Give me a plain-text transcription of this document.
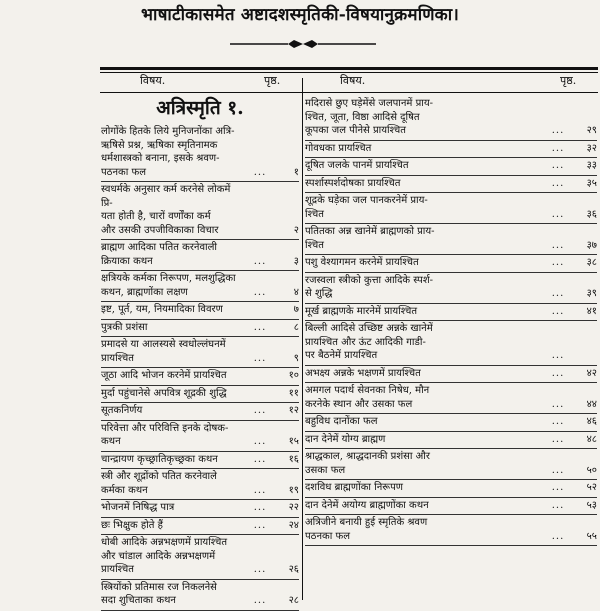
भाषाटीकासमेत अष्टादशस्मृतिकी-विषयानुक्रमणिका।
विषय.	पृष्ठ.	विषय.	पृष्ठ.
अत्रिस्मृति १.
लोगोंके हितके लिये मुनिजनोंका अत्रि-
ऋषिसे प्रश्न, ऋषिका स्मृतिनामक
धर्मशास्त्रको बनाना, इसके श्रवण-
पठनका फल	...	१
स्वधर्मके अनुसार कर्म करनेसे लोकमें प्रि-
यता होती है, चारों वर्णोंका कर्म
और उसकी उपजीविकाका विचार	२
ब्राह्मण आदिका पतित करनेवाली
क्रियाका कथन	...	३
क्षत्रियके कर्मका निरूपण, मलशुद्धिका
कथन, ब्राह्मणोंका लक्षण	...	४
इष्ट, पूर्त, यम, नियमादिका विवरण	७
पुत्रकी प्रशंसा	...	८
प्रमादसे या आलस्यसे स्वधोल्लंघनमें
प्रायश्चित	...	९
जूठा आदि भोजन करनेमें प्रायश्चित	१०
मुर्दा पहुंचानेसे अपवित्र शूद्रकी शुद्धि	११
सूतकनिर्णय	...	१२
परिवेत्ता और परिवित्ति इनके दोषक-
कथन	...	१५
चान्द्रायण कृच्छ्रातिकृच्छ्रका कथन	...	१६
स्त्री और शूद्रोंको पतित करनेवाले
कर्मका कथन	...	१९
भोजनमें निषिद्ध पात्र	...	२२
छः भिक्षुक होते हैं	...	२४
धोबी आदिके अन्नभक्षणमें प्रायश्चित
और चांडाल आदिके अन्नभक्षणमें
प्रायश्चित	...	२६
स्त्रियोंको प्रतिमास रज निकलनेसे
सदा शुचिताका कथन	...	२८
मदिरासे छुए घड़ेमेंसे जलपानमें प्राय-
श्चित, जूता, विष्ठा आदिसे दूषित
कूपका जल पीनेसे प्रायश्चित	...	२९
गोवधका प्रायश्चित	...	३२
दूषित जलके पानमें प्रायश्चित	...	३३
स्पर्शास्पर्शदोषका प्रायश्चित	...	३५
शूद्रके घड़ेका जल पानकरनेमें प्राय-
श्चित	...	३६
पतितका अन्न खानेमें ब्राह्मणको प्राय-
श्चित	...	३७
पशु वेश्यागमन करनेमें प्रायश्चित	...	३८
रजस्वला स्त्रीको कुत्ता आदिके स्पर्श-
से शुद्धि	...	३९
मूर्ख ब्राह्मणके मारनेमें प्रायश्चित	...	४१
बिल्ली आदिसे उच्छिष्ट अन्नके खानेमें
प्रायश्चित और ऊंट आदिकी गाडी-
पर बैठनेमें प्रायश्चित	...
अभक्ष्य अन्नके भक्षणमें प्रायश्चित	...	४२
अमगल पदार्थ सेवनका निषेध, मौन
करनेके स्थान और उसका फल	...	४४
बहुविध दानोंका फल	...	४६
दान देनेमें योग्य ब्राह्मण	...	४८
श्राद्धकाल, श्राद्धदानकी प्रशंसा और
उसका फल	...	५०
दशविध ब्राह्मणोंका निरूपण	...	५२
दान देनेमें अयोग्य ब्राह्मणोंका कथन	...	५३
अत्रिजीने बनायी हुई स्मृतिके श्रवण
पठनका फल	...	५५
